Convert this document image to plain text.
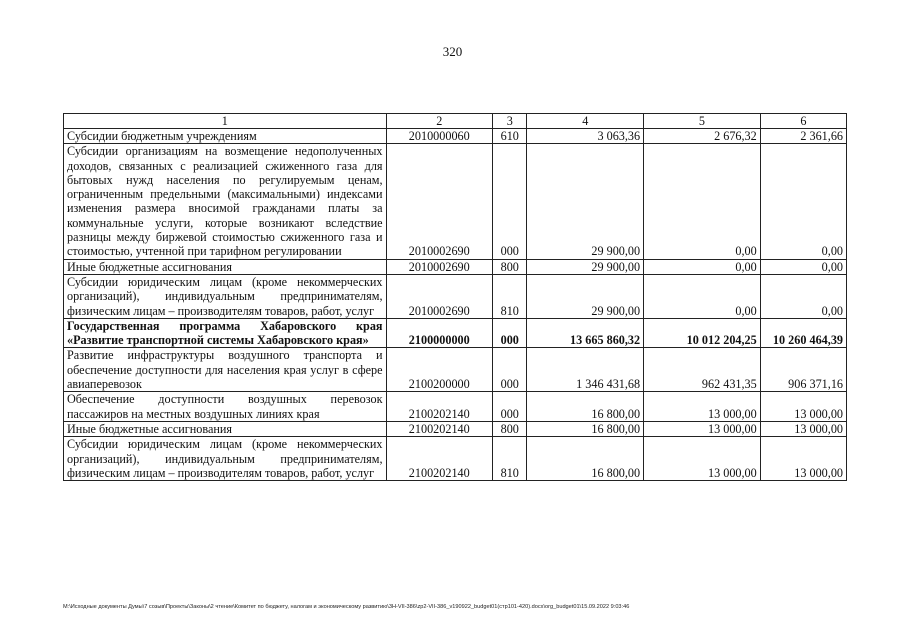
320
1	2	3	4	5	6
Субсидии бюджетным учреждениям	2010000060	610	3 063,36	2 676,32	2 361,66
Субсидии организациям на возмещение недополученных доходов, связанных с реализацией сжиженного газа для бытовых нужд населения по регулируемым ценам, ограниченным предельными (максимальными) индексами изменения размера вносимой гражданами платы за коммунальные услуги, которые возникают вследствие разницы между биржевой стоимостью сжиженного газа и стоимостью, учтенной при тарифном регулировании	2010002690	000	29 900,00	0,00	0,00
Иные бюджетные ассигнования	2010002690	800	29 900,00	0,00	0,00
Субсидии юридическим лицам (кроме некоммерческих организаций), индивидуальным предпринимателям, физическим лицам – производителям товаров, работ, услуг	2010002690	810	29 900,00	0,00	0,00
Государственная программа Хабаровского края «Развитие транспортной системы Хабаровского края»	2100000000	000	13 665 860,32	10 012 204,25	10 260 464,39
Развитие инфраструктуры воздушного транспорта и обеспечение доступности для населения края услуг в сфере авиаперевозок	2100200000	000	1 346 431,68	962 431,35	906 371,16
Обеспечение доступности воздушных перевозок пассажиров на местных воздушных линиях края	2100202140	000	16 800,00	13 000,00	13 000,00
Иные бюджетные ассигнования	2100202140	800	16 800,00	13 000,00	13 000,00
Субсидии юридическим лицам (кроме некоммерческих организаций), индивидуальным предпринимателям, физическим лицам – производителям товаров, работ, услуг	2100202140	810	16 800,00	13 000,00	13 000,00
M:\Исходные документы Думы\7 созыв\Проекты\Законы\2 чтение\Комитет по бюджету, налогам и экономическому развитию\3Н-VII-386\zp2-VII-386_v190922_budget01(стр101-420).docx\org_budget01\15.09.2022 9:03:46
